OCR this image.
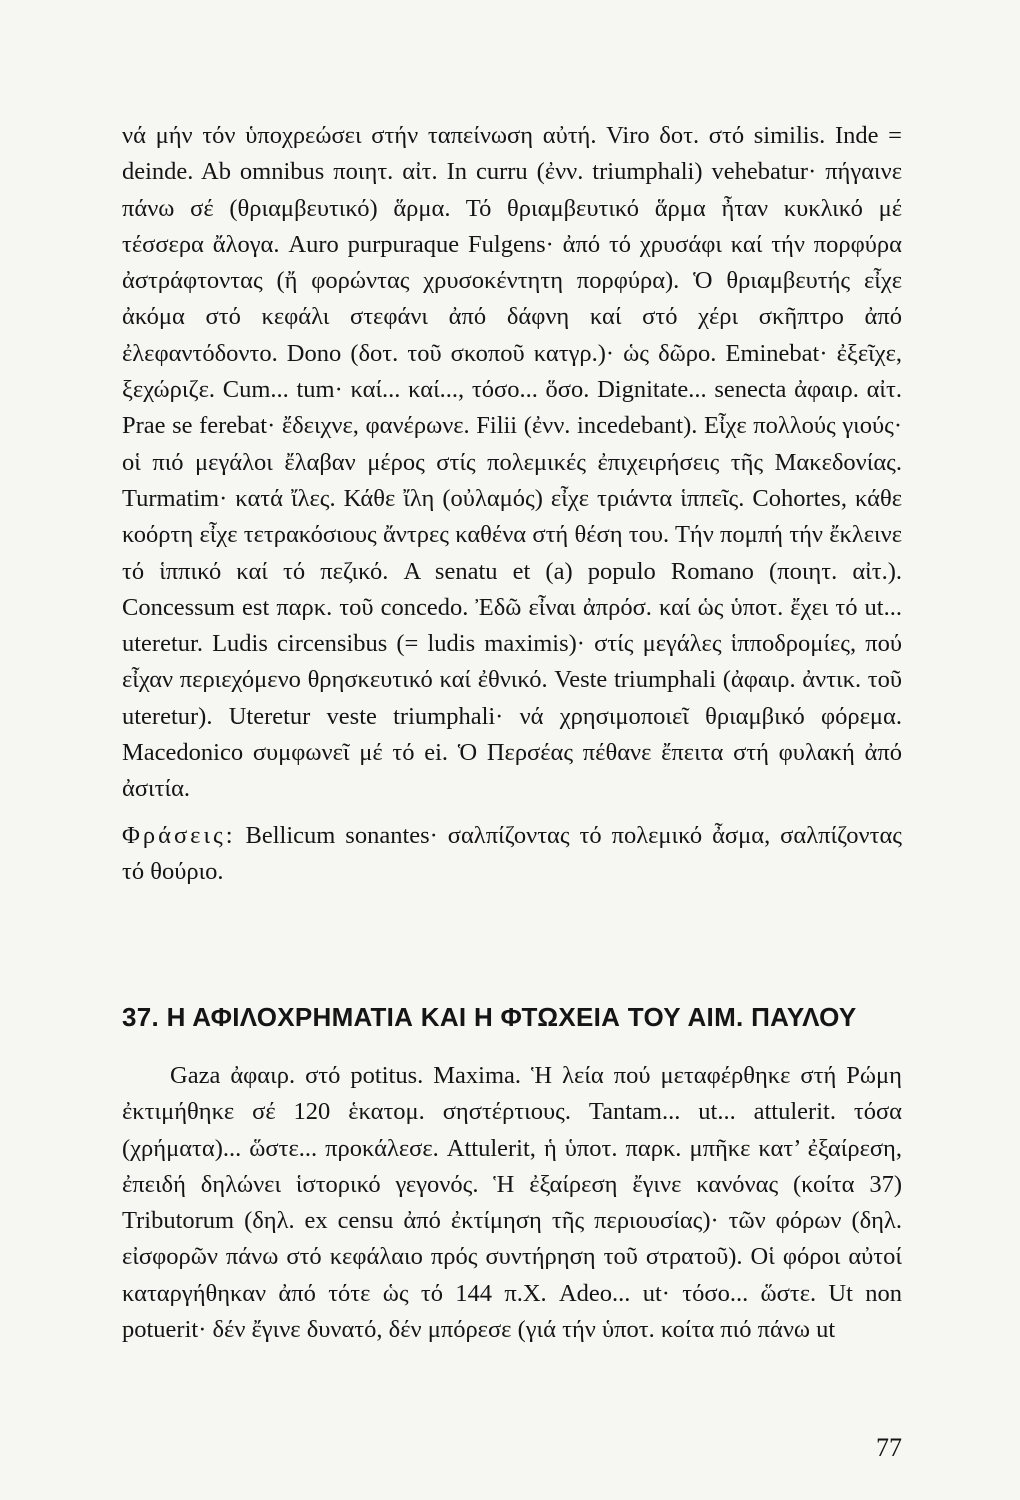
νά μήν τόν ὑποχρεώσει στήν ταπείνωση αὐτή. Viro δοτ. στό similis. Inde = deinde. Ab omnibus ποιητ. αἰτ. In curru (ἐνν. triumphali) vehebatur· πήγαινε πάνω σέ (θριαμβευτικό) ἅρμα. Τό θριαμβευτικό ἅρμα ἦταν κυκλικό μέ τέσσερα ἄλογα. Auro purpuraque Fulgens· ἀπό τό χρυσάφι καί τήν πορφύρα ἀστράφτοντας (ἤ φορώντας χρυσοκέντητη πορφύρα). Ὁ θριαμβευτής εἶχε ἀκόμα στό κεφάλι στεφάνι ἀπό δάφνη καί στό χέρι σκῆπτρο ἀπό ἐλεφαντόδοντο. Dono (δοτ. τοῦ σκοποῦ κατγρ.)· ὡς δῶρο. Eminebat· ἐξεῖχε, ξεχώριζε. Cum... tum· καί... καί..., τόσο... ὅσο. Dignitate... senecta ἀφαιρ. αἰτ. Prae se ferebat· ἔδειχνε, φανέρωνε. Filii (ἐνν. incedebant). Εἶχε πολλούς γιούς· οἱ πιό μεγάλοι ἔλαβαν μέρος στίς πολεμικές ἐπιχειρήσεις τῆς Μακεδονίας. Turmatim· κατά ἴλες. Κάθε ἴλη (οὐλαμός) εἶχε τριάντα ἱππεῖς. Cohortes, κάθε κοόρτη εἶχε τετρακόσιους ἄντρες καθένα στή θέση του. Τήν πομπή τήν ἔκλεινε τό ἱππικό καί τό πεζικό. A senatu et (a) populo Romano (ποιητ. αἰτ.). Concessum est παρκ. τοῦ concedo. Ἐδῶ εἶναι ἀπρόσ. καί ὡς ὑποτ. ἔχει τό ut... uteretur. Ludis circensibus (= ludis maximis)· στίς μεγάλες ἱπποδρομίες, πού εἶχαν περιεχόμενο θρησκευτικό καί ἐθνικό. Veste triumphali (ἀφαιρ. ἀντικ. τοῦ uteretur). Uteretur veste triumphali· νά χρησιμοποιεῖ θριαμβικό φόρεμα. Macedonico συμφωνεῖ μέ τό ei. Ὁ Περσέας πέθανε ἔπειτα στή φυλακή ἀπό ἀσιτία.

Φράσεις: Bellicum sonantes· σαλπίζοντας τό πολεμικό ἆσμα, σαλπίζοντας τό θούριο.

37. Η ΑΦΙΛΟΧΡΗΜΑΤΙΑ ΚΑΙ Η ΦΤΩΧΕΙΑ ΤΟΥ ΑΙΜ. ΠΑΥΛΟΥ

Gaza ἀφαιρ. στό potitus. Maxima. Ἡ λεία πού μεταφέρθηκε στή Ρώμη ἐκτιμήθηκε σέ 120 ἑκατομ. σηστέρτιους. Tantam... ut... attulerit. τόσα (χρήματα)... ὥστε... προκάλεσε. Attulerit, ἡ ὑποτ. παρκ. μπῆκε κατ’ ἐξαίρεση, ἐπειδή δηλώνει ἱστορικό γεγονός. Ἡ ἐξαίρεση ἔγινε κανόνας (κοίτα 37) Tributorum (δηλ. ex censu ἀπό ἐκτίμηση τῆς περιουσίας)· τῶν φόρων (δηλ. εἰσφορῶν πάνω στό κεφάλαιο πρός συντήρηση τοῦ στρατοῦ). Οἱ φόροι αὐτοί καταργήθηκαν ἀπό τότε ὡς τό 144 π.Χ. Adeo... ut· τόσο... ὥστε. Ut non potuerit· δέν ἔγινε δυνατό, δέν μπόρεσε (γιά τήν ὑποτ. κοίτα πιό πάνω ut

77
